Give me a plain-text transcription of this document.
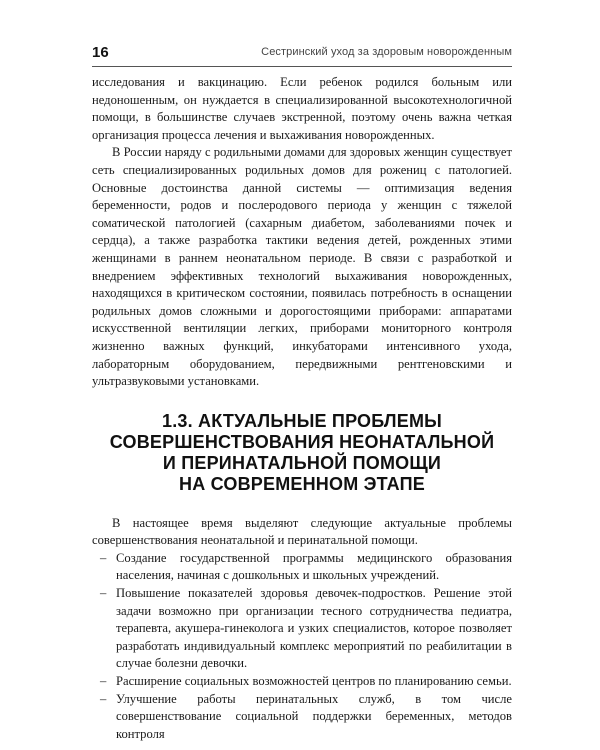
16	Сестринский уход за здоровым новорожденным

исследования и вакцинацию. Если ребенок родился больным или недоношенным, он нуждается в специализированной высокотехнологичной помощи, в большинстве случаев экстренной, поэтому очень важна четкая организация процесса лечения и выхаживания новорожденных.

В России наряду с родильными домами для здоровых женщин существует сеть специализированных родильных домов для рожениц с патологией. Основные достоинства данной системы — оптимизация ведения беременности, родов и послеродового периода у женщин с тяжелой соматической патологией (сахарным диабетом, заболеваниями почек и сердца), а также разработка тактики ведения детей, рожденных этими женщинами в раннем неонатальном периоде. В связи с разработкой и внедрением эффективных технологий выхаживания новорожденных, находящихся в критическом состоянии, появилась потребность в оснащении родильных домов сложными и дорогостоящими приборами: аппаратами искусственной вентиляции легких, приборами мониторного контроля жизненно важных функций, инкубаторами интенсивного ухода, лабораторным оборудованием, передвижными рентгеновскими и ультразвуковыми установками.

1.3. АКТУАЛЬНЫЕ ПРОБЛЕМЫ
СОВЕРШЕНСТВОВАНИЯ НЕОНАТАЛЬНОЙ
И ПЕРИНАТАЛЬНОЙ ПОМОЩИ
НА СОВРЕМЕННОМ ЭТАПЕ

В настоящее время выделяют следующие актуальные проблемы совершенствования неонатальной и перинатальной помощи.

– Создание государственной программы медицинского образования населения, начиная с дошкольных и школьных учреждений.
– Повышение показателей здоровья девочек-подростков. Решение этой задачи возможно при организации тесного сотрудничества педиатра, терапевта, акушера-гинеколога и узких специалистов, которое позволяет разработать индивидуальный комплекс мероприятий по реабилитации в случае болезни девочки.
– Расширение социальных возможностей центров по планированию семьи.
– Улучшение работы перинатальных служб, в том числе совершенствование социальной поддержки беременных, методов контроля
